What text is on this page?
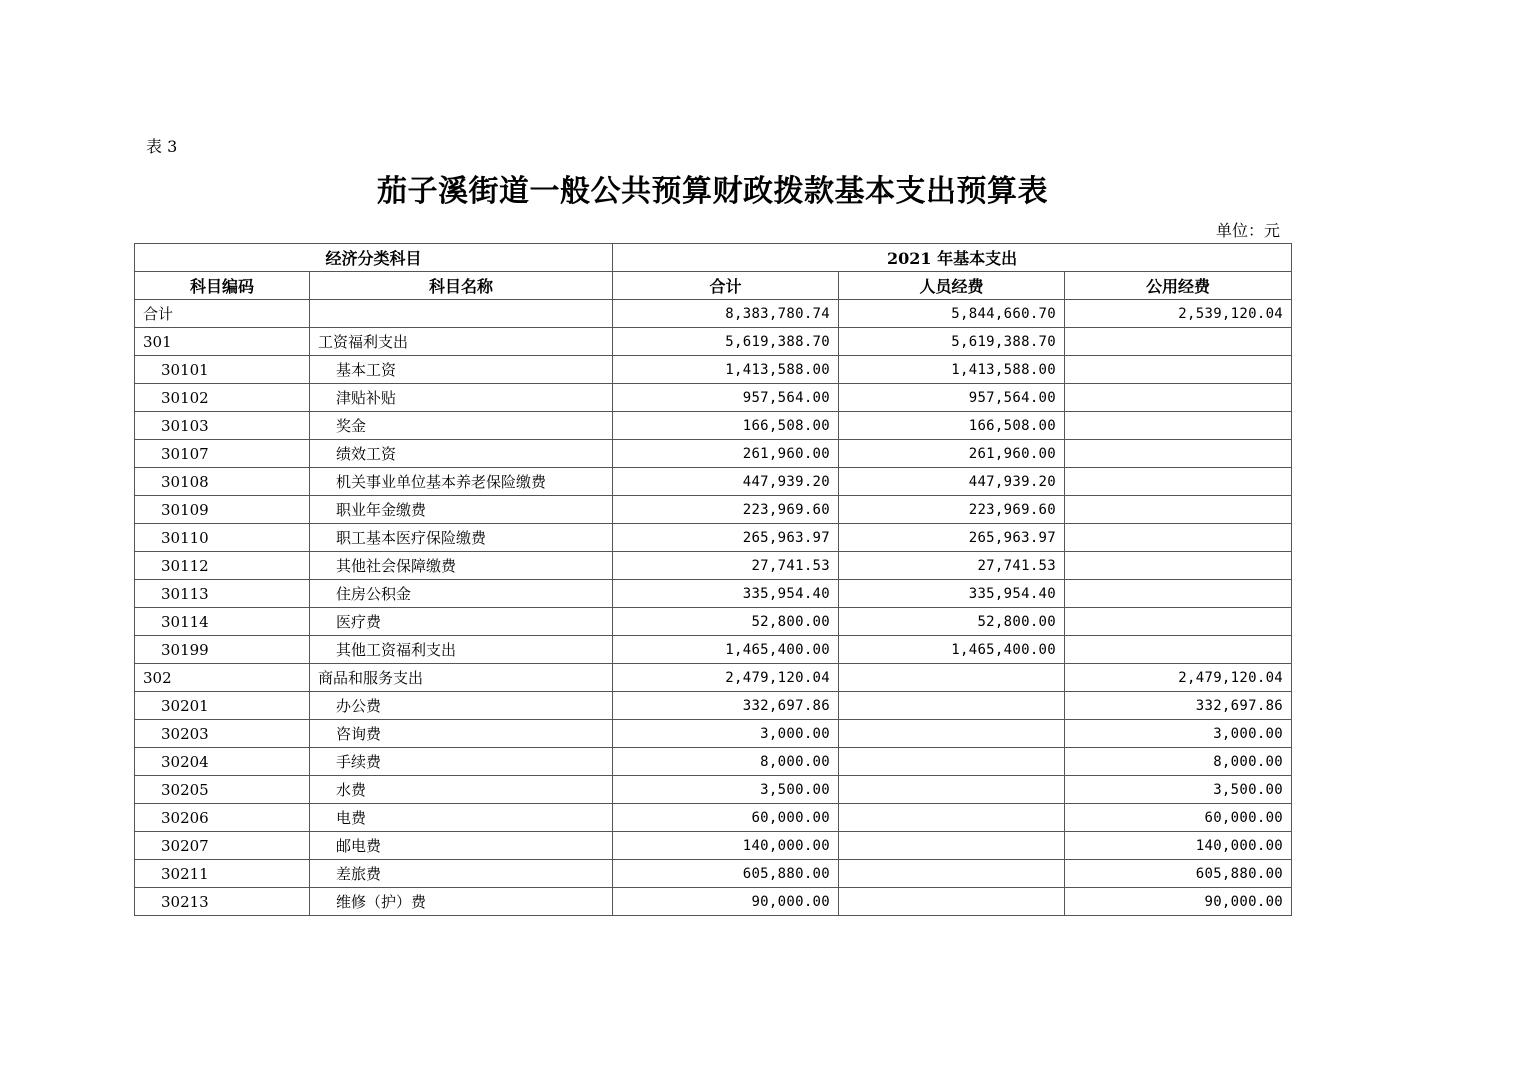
表 3
茄子溪街道一般公共预算财政拨款基本支出预算表
单位：元
经济分类科目		2021 年基本支出		
科目编码	科目名称	合计	人员经费	公用经费
合计		8,383,780.74	5,844,660.70	2,539,120.04
301	工资福利支出	5,619,388.70	5,619,388.70	
30101	基本工资	1,413,588.00	1,413,588.00	
30102	津贴补贴	957,564.00	957,564.00	
30103	奖金	166,508.00	166,508.00	
30107	绩效工资	261,960.00	261,960.00	
30108	机关事业单位基本养老保险缴费	447,939.20	447,939.20	
30109	职业年金缴费	223,969.60	223,969.60	
30110	职工基本医疗保险缴费	265,963.97	265,963.97	
30112	其他社会保障缴费	27,741.53	27,741.53	
30113	住房公积金	335,954.40	335,954.40	
30114	医疗费	52,800.00	52,800.00	
30199	其他工资福利支出	1,465,400.00	1,465,400.00	
302	商品和服务支出	2,479,120.04		2,479,120.04
30201	办公费	332,697.86		332,697.86
30203	咨询费	3,000.00		3,000.00
30204	手续费	8,000.00		8,000.00
30205	水费	3,500.00		3,500.00
30206	电费	60,000.00		60,000.00
30207	邮电费	140,000.00		140,000.00
30211	差旅费	605,880.00		605,880.00
30213	维修（护）费	90,000.00		90,000.00
